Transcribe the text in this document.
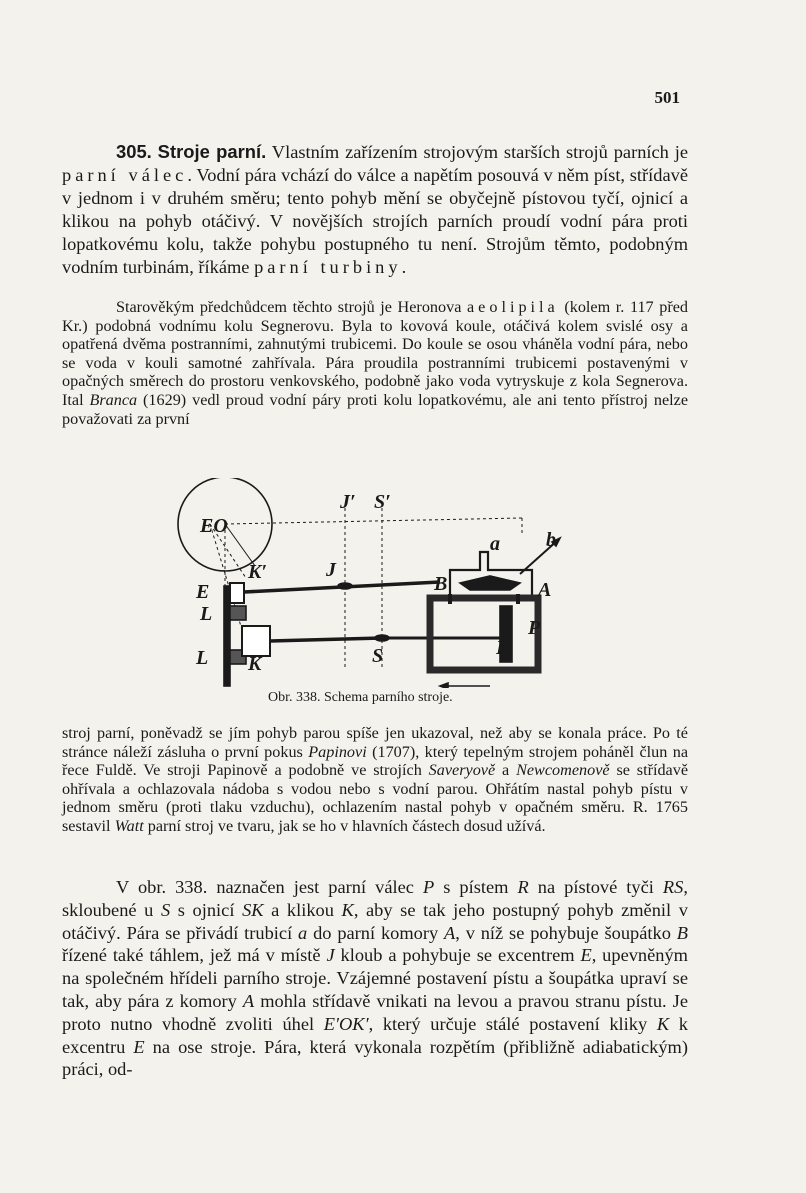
501

305. Stroje parní. Vlastním zařízením strojovým starších strojů parních je parní válec. Vodní pára vchází do válce a napětím posouvá v něm píst, střídavě v jednom i v druhém směru; tento pohyb mění se obyčejně pístovou tyčí, ojnicí a klikou na pohyb otáčivý. V novějších strojích parních proudí vodní pára proti lopatkovému kolu, takže pohybu postupného tu není. Strojům těmto, podobným vodním turbinám, říkáme parní turbiny.

Starověkým předchůdcem těchto strojů je Heronova aeolipila (kolem r. 117 před Kr.) podobná vodnímu kolu Segnerovu. Byla to kovová koule, otáčivá kolem svislé osy a opatřená dvěma postranními, zahnutými trubicemi. Do koule se osou vháněla vodní pára, nebo se voda v kouli samotné zahřívala. Pára proudila postranními trubicemi postavenými v opačných směrech do prostoru venkovského, podobně jako voda vytryskuje z kola Segnerova. Ital Branca (1629) vedl proud vodní páry proti kolu lopatkovému, ale ani tento přístroj nelze považovati za první

EO
J′ S′
K′	J
a b
B	A
E
L
P
R
S
L K
Obr. 338. Schema parního stroje.

stroj parní, poněvadž se jím pohyb parou spíše jen ukazoval, než aby se konala práce. Po té stránce náleží zásluha o první pokus Papinovi (1707), který tepelným strojem poháněl člun na řece Fuldě. Ve stroji Papinově a podobně ve strojích Saveryově a Newcomenově se střídavě ohřívala a ochlazovala nádoba s vodou nebo s vodní parou. Ohřátím nastal pohyb pístu v jednom směru (proti tlaku vzduchu), ochlazením nastal pohyb v opačném směru. R. 1765 sestavil Watt parní stroj ve tvaru, jak se ho v hlavních částech dosud užívá.

V obr. 338. naznačen jest parní válec P s pístem R na pístové tyči RS, skloubené u S s ojnicí SK a klikou K, aby se tak jeho postupný pohyb změnil v otáčivý. Pára se přivádí trubicí a do parní komory A, v níž se pohybuje šoupátko B řízené také táhlem, jež má v místě J kloub a pohybuje se excentrem E, upevněným na společném hřídeli parního stroje. Vzájemné postavení pístu a šoupátka upraví se tak, aby pára z komory A mohla střídavě vnikati na levou a pravou stranu pístu. Je proto nutno vhodně zvoliti úhel E′OK′, který určuje stálé postavení kliky K k excentru E na ose stroje. Pára, která vykonala rozpětím (přibližně adiabatickým) práci, od-
